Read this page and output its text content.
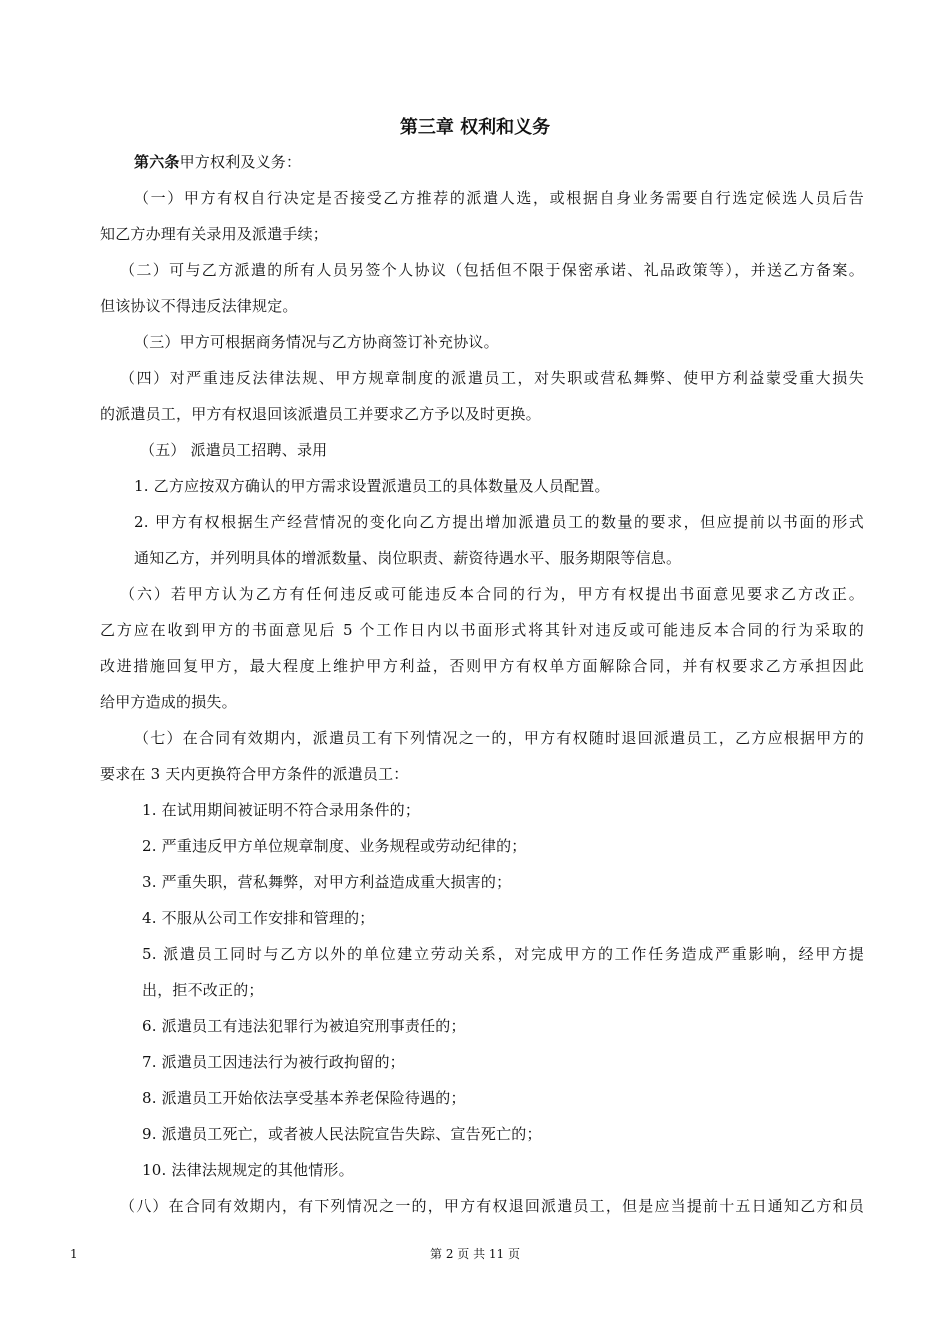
第三章 权利和义务
第六条甲方权利及义务：
（一）甲方有权自行决定是否接受乙方推荐的派遣人选，或根据自身业务需要自行选定候选人员后告
知乙方办理有关录用及派遣手续；
（二）可与乙方派遣的所有人员另签个人协议（包括但不限于保密承诺、礼品政策等），并送乙方备案。
但该协议不得违反法律规定。
（三）甲方可根据商务情况与乙方协商签订补充协议。
（四）对严重违反法律法规、甲方规章制度的派遣员工，对失职或营私舞弊、使甲方利益蒙受重大损失
的派遣员工，甲方有权退回该派遣员工并要求乙方予以及时更换。
（五） 派遣员工招聘、录用
1. 乙方应按双方确认的甲方需求设置派遣员工的具体数量及人员配置。
2. 甲方有权根据生产经营情况的变化向乙方提出增加派遣员工的数量的要求，但应提前以书面的形式
通知乙方，并列明具体的增派数量、岗位职责、薪资待遇水平、服务期限等信息。
（六）若甲方认为乙方有任何违反或可能违反本合同的行为，甲方有权提出书面意见要求乙方改正。
乙方应在收到甲方的书面意见后 5 个工作日内以书面形式将其针对违反或可能违反本合同的行为采取的
改进措施回复甲方，最大程度上维护甲方利益，否则甲方有权单方面解除合同，并有权要求乙方承担因此
给甲方造成的损失。
（七）在合同有效期内，派遣员工有下列情况之一的，甲方有权随时退回派遣员工，乙方应根据甲方的
要求在 3 天内更换符合甲方条件的派遣员工：
1. 在试用期间被证明不符合录用条件的；
2. 严重违反甲方单位规章制度、业务规程或劳动纪律的；
3. 严重失职，营私舞弊，对甲方利益造成重大损害的；
4. 不服从公司工作安排和管理的；
5. 派遣员工同时与乙方以外的单位建立劳动关系，对完成甲方的工作任务造成严重影响，经甲方提
出，拒不改正的；
6. 派遣员工有违法犯罪行为被追究刑事责任的；
7. 派遣员工因违法行为被行政拘留的；
8. 派遣员工开始依法享受基本养老保险待遇的；
9. 派遣员工死亡，或者被人民法院宣告失踪、宣告死亡的；
10. 法律法规规定的其他情形。
（八）在合同有效期内，有下列情况之一的，甲方有权退回派遣员工，但是应当提前十五日通知乙方和员
1	第 2 页 共 11 页
